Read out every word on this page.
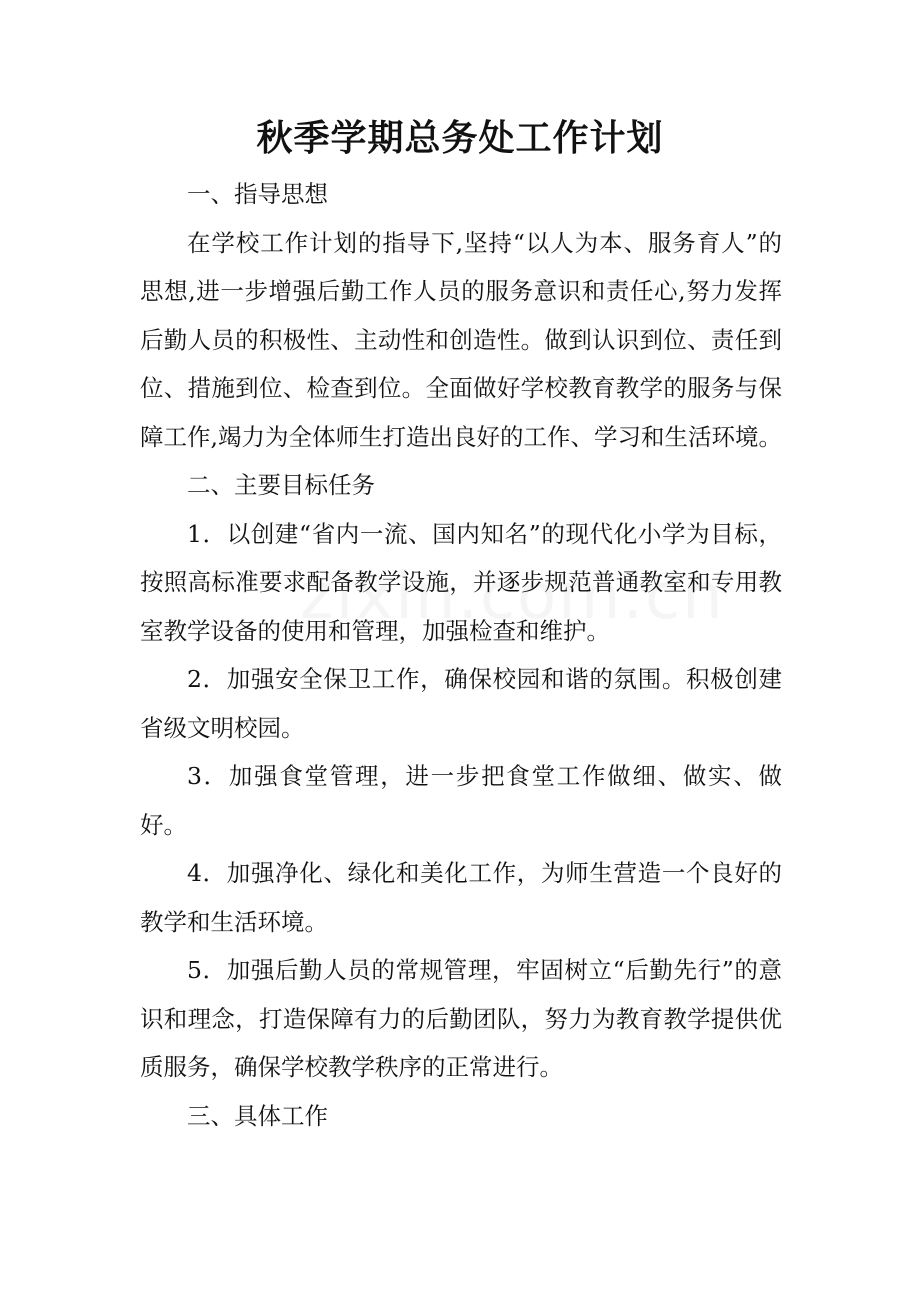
秋季学期总务处工作计划

一、指导思想

在学校工作计划的指导下,坚持“以人为本、服务育人”的思想,进一步增强后勤工作人员的服务意识和责任心,努力发挥后勤人员的积极性、主动性和创造性。做到认识到位、责任到位、措施到位、检查到位。全面做好学校教育教学的服务与保障工作,竭力为全体师生打造出良好的工作、学习和生活环境。

二、主要目标任务

1．以创建“省内一流、国内知名”的现代化小学为目标，按照高标准要求配备教学设施，并逐步规范普通教室和专用教室教学设备的使用和管理，加强检查和维护。

2．加强安全保卫工作，确保校园和谐的氛围。积极创建省级文明校园。

3．加强食堂管理，进一步把食堂工作做细、做实、做好。

4．加强净化、绿化和美化工作，为师生营造一个良好的教学和生活环境。

5．加强后勤人员的常规管理，牢固树立“后勤先行”的意识和理念，打造保障有力的后勤团队，努力为教育教学提供优质服务，确保学校教学秩序的正常进行。

三、具体工作
